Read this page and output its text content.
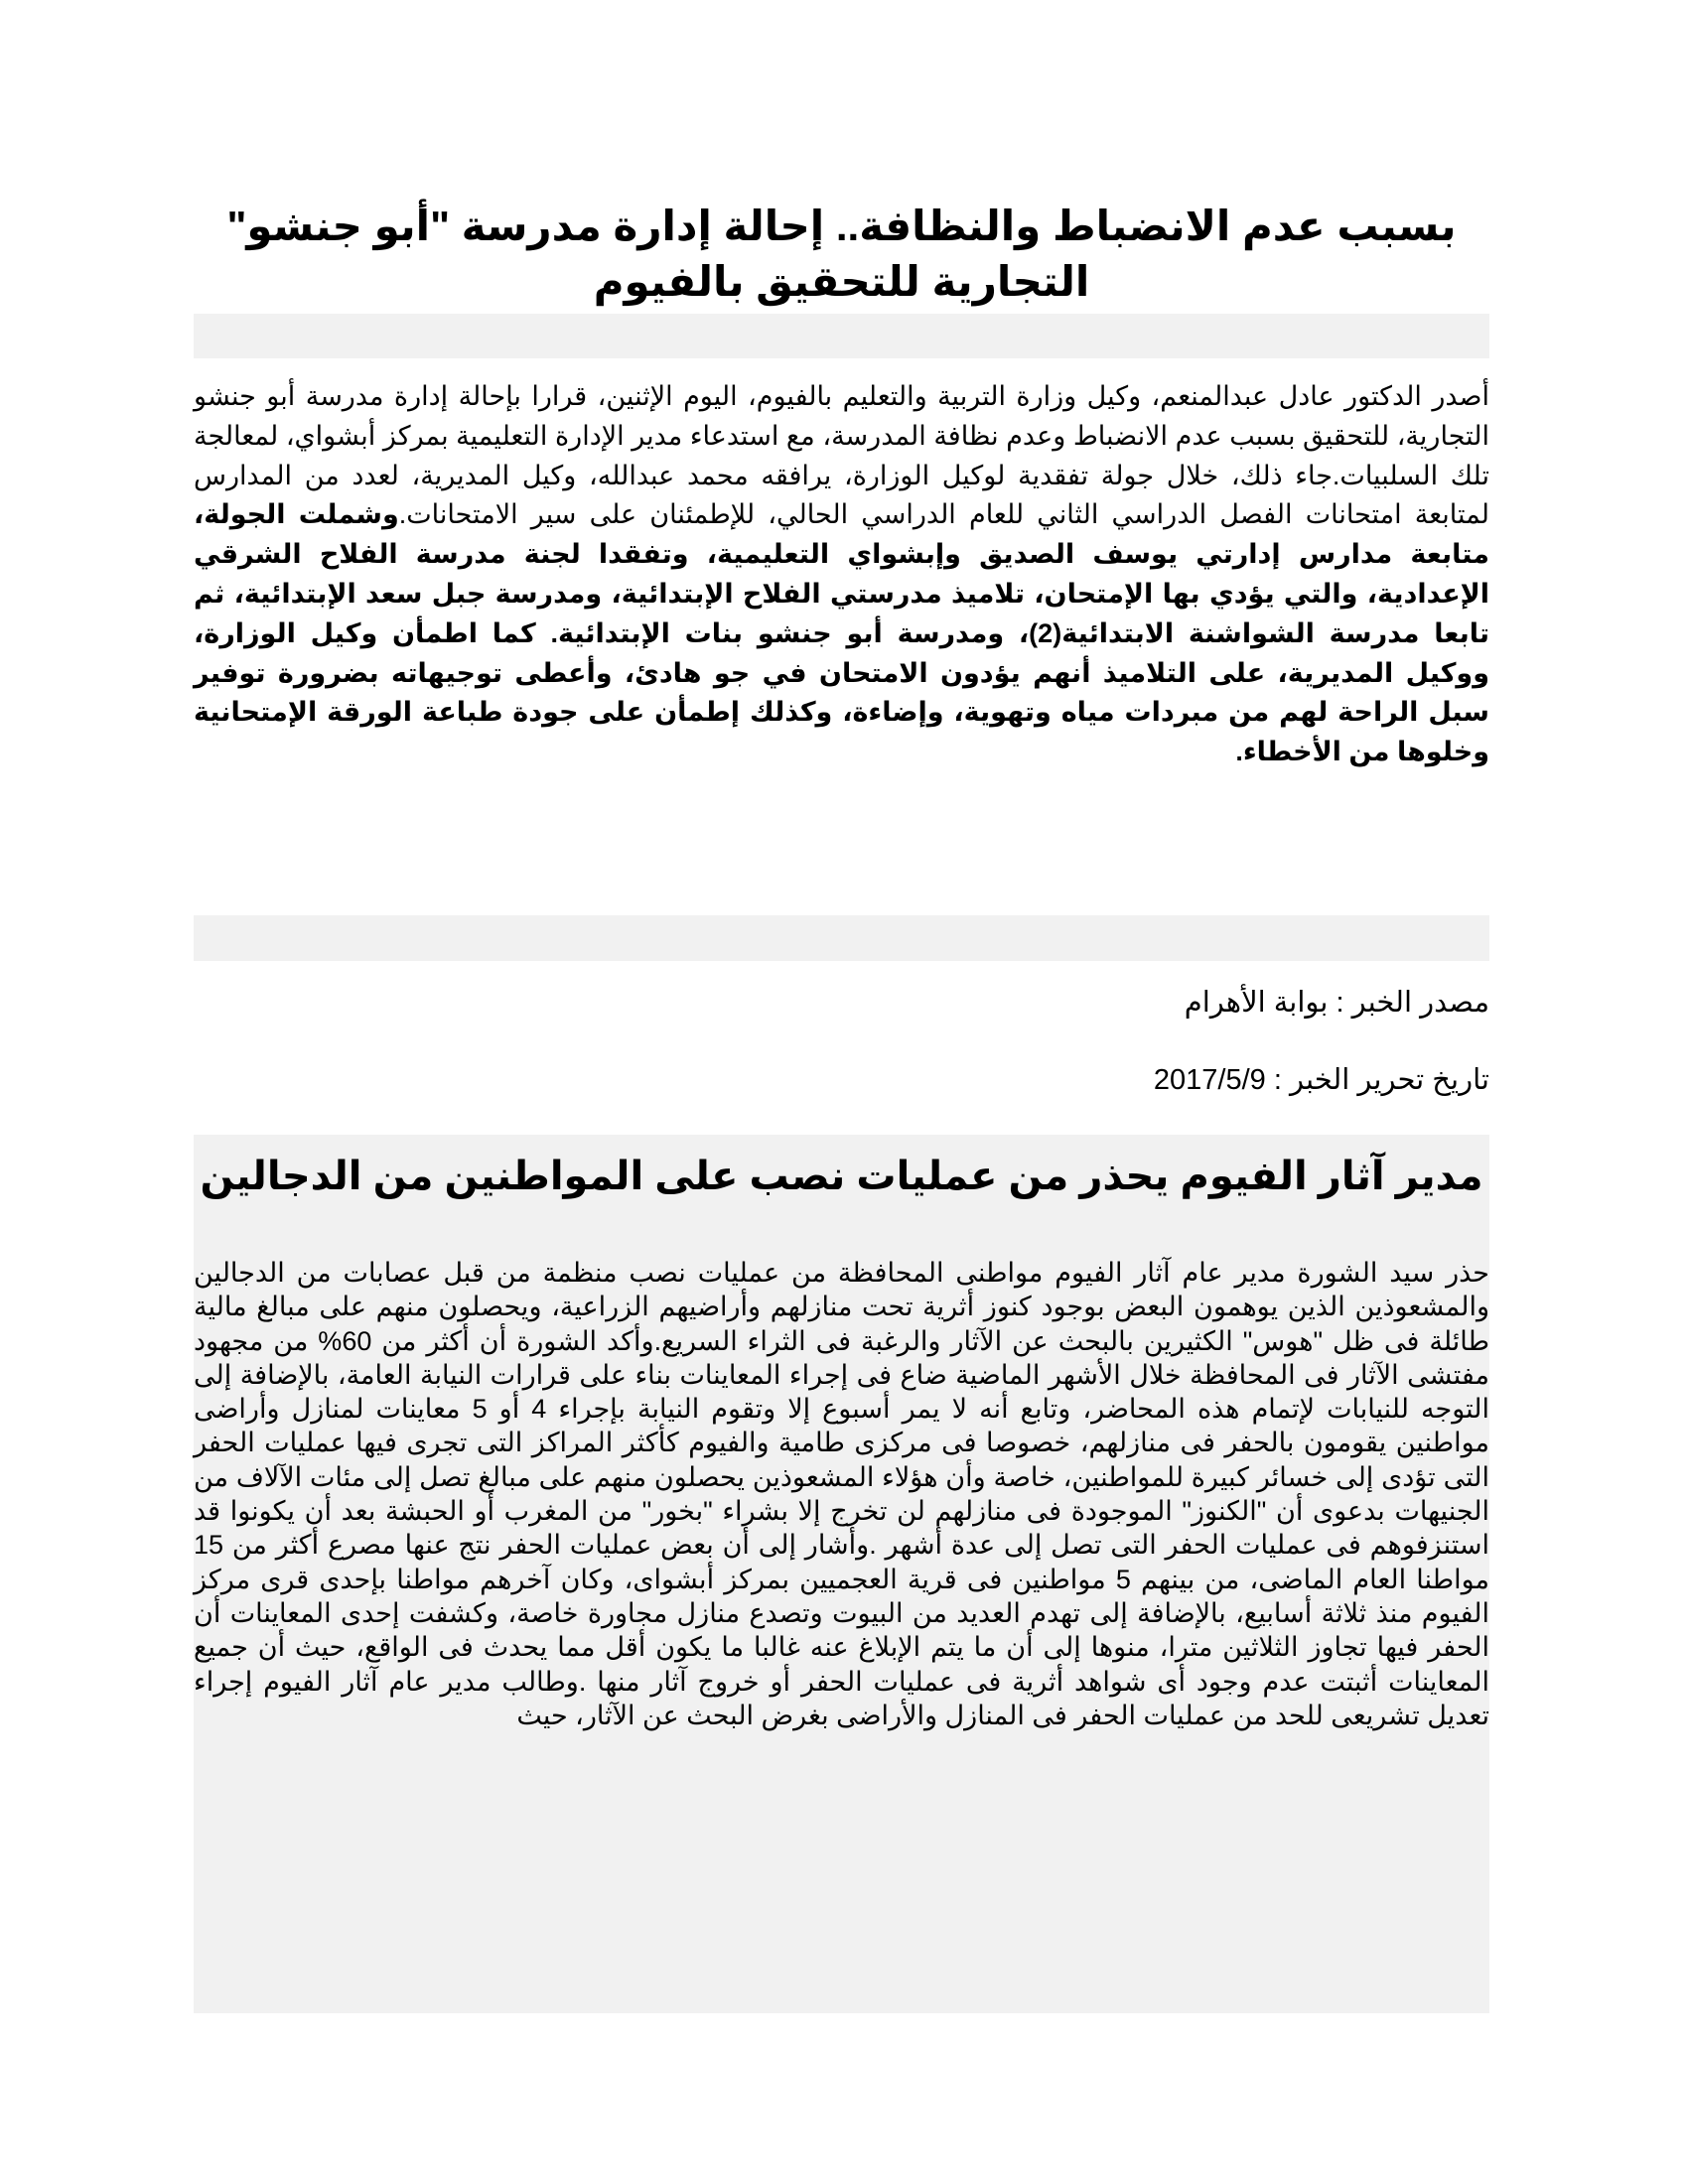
بسبب عدم الانضباط والنظافة.. إحالة إدارة مدرسة "أبو جنشو" التجارية للتحقيق بالفيوم

أصدر الدكتور عادل عبدالمنعم، وكيل وزارة التربية والتعليم بالفيوم، اليوم الإثنين، قرارا بإحالة إدارة مدرسة أبو جنشو التجارية، للتحقيق بسبب عدم الانضباط وعدم نظافة المدرسة، مع استدعاء مدير الإدارة التعليمية بمركز أبشواي، لمعالجة تلك السلبيات.جاء ذلك، خلال جولة تفقدية لوكيل الوزارة، يرافقه محمد عبدالله، وكيل المديرية، لعدد من المدارس لمتابعة امتحانات الفصل الدراسي الثاني للعام الدراسي الحالي، للإطمئنان على سير الامتحانات.وشملت الجولة، متابعة مدارس إدارتي يوسف الصديق وإبشواي التعليمية، وتفقدا لجنة مدرسة الفلاح الشرقي الإعدادية، والتي يؤدي بها الإمتحان، تلاميذ مدرستي الفلاح الإبتدائية، ومدرسة جبل سعد الإبتدائية، ثم تابعا مدرسة الشواشنة الابتدائية(2)، ومدرسة أبو جنشو بنات الإبتدائية. كما اطمأن وكيل الوزارة، ووكيل المديرية، على التلاميذ أنهم يؤدون الامتحان في جو هادئ، وأعطى توجيهاته بضرورة توفير سبل الراحة لهم من مبردات مياه وتهوية، وإضاءة، وكذلك إطمأن على جودة طباعة الورقة الإمتحانية وخلوها من الأخطاء.

مصدر الخبر : بوابة الأهرام

تاريخ تحرير الخبر : 2017/5/9

مدير آثار الفيوم يحذر من عمليات نصب على المواطنين من الدجالين

حذر سيد الشورة مدير عام آثار الفيوم مواطنى المحافظة من عمليات نصب منظمة من قبل عصابات من الدجالين والمشعوذين الذين يوهمون البعض بوجود كنوز أثرية تحت منازلهم وأراضيهم الزراعية، ويحصلون منهم على مبالغ مالية طائلة فى ظل "هوس" الكثيرين بالبحث عن الآثار والرغبة فى الثراء السريع.وأكد الشورة أن أكثر من 60% من مجهود مفتشى الآثار فى المحافظة خلال الأشهر الماضية ضاع فى إجراء المعاينات بناء على قرارات النيابة العامة، بالإضافة إلى التوجه للنيابات لإتمام هذه المحاضر، وتابع أنه لا يمر أسبوع إلا وتقوم النيابة بإجراء 4 أو 5 معاينات لمنازل وأراضى مواطنين يقومون بالحفر فى منازلهم، خصوصا فى مركزى طامية والفيوم كأكثر المراكز التى تجرى فيها عمليات الحفر التى تؤدى إلى خسائر كبيرة للمواطنين، خاصة وأن هؤلاء المشعوذين يحصلون منهم على مبالغ تصل إلى مئات الآلاف من الجنيهات بدعوى أن "الكنوز" الموجودة فى منازلهم لن تخرج إلا بشراء "بخور" من المغرب أو الحبشة بعد أن يكونوا قد استنزفوهم فى عمليات الحفر التى تصل إلى عدة أشهر .وأشار إلى أن بعض عمليات الحفر نتج عنها مصرع أكثر من 15 مواطنا العام الماضى، من بينهم 5 مواطنين فى قرية العجميين بمركز أبشواى، وكان آخرهم مواطنا بإحدى قرى مركز الفيوم منذ ثلاثة أسابيع، بالإضافة إلى تهدم العديد من البيوت وتصدع منازل مجاورة خاصة، وكشفت إحدى المعاينات أن الحفر فيها تجاوز الثلاثين مترا، منوها إلى أن ما يتم الإبلاغ عنه غالبا ما يكون أقل مما يحدث فى الواقع، حيث أن جميع المعاينات أثبتت عدم وجود أى شواهد أثرية فى عمليات الحفر أو خروج آثار منها .وطالب مدير عام آثار الفيوم إجراء تعديل تشريعى للحد من عمليات الحفر فى المنازل والأراضى بغرض البحث عن الآثار، حيث
